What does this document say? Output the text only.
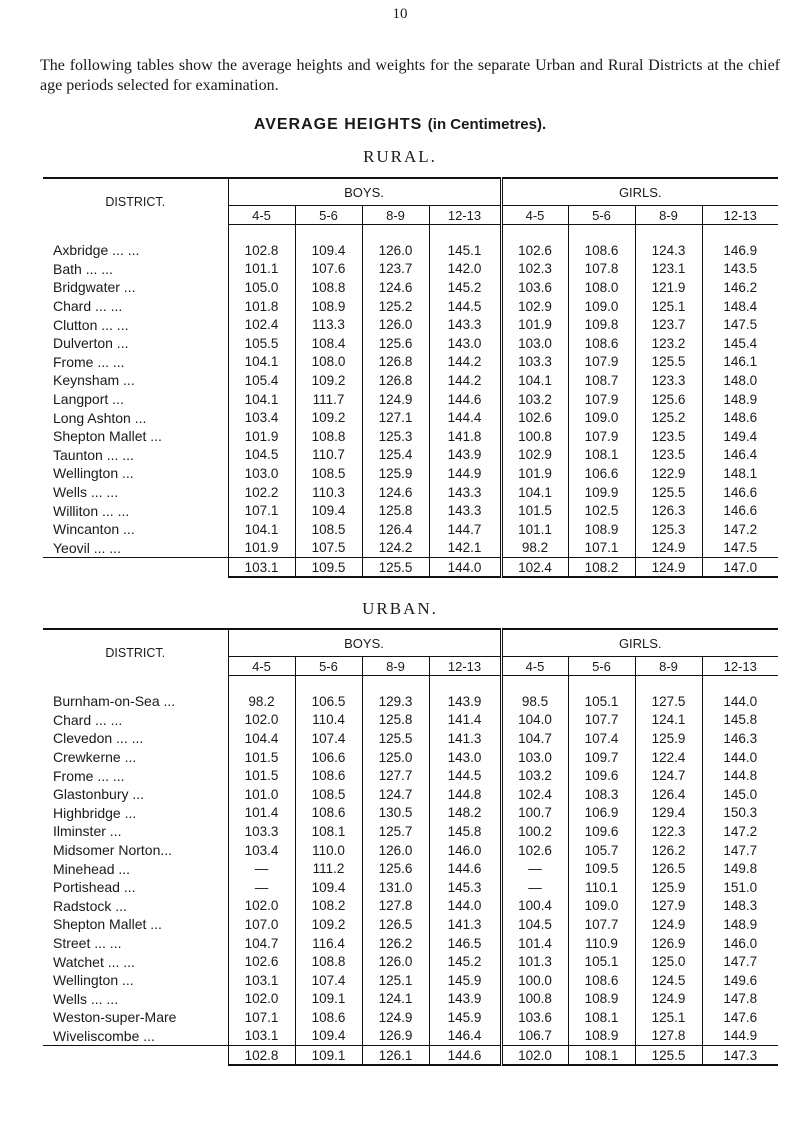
10
The following tables show the average heights and weights for the separate Urban and Rural Districts at the chief age periods selected for examination.
AVERAGE HEIGHTS (in Centimetres).
RURAL.
DISTRICT.	BOYS.				GIRLS.			
	4-5	5-6	8-9	12-13	4-5	5-6	8-9	12-13

Axbridge ... ...	102.8	109.4	126.0	145.1	102.6	108.6	124.3	146.9
Bath ... ...	101.1	107.6	123.7	142.0	102.3	107.8	123.1	143.5
Bridgwater ...	105.0	108.8	124.6	145.2	103.6	108.0	121.9	146.2
Chard ... ...	101.8	108.9	125.2	144.5	102.9	109.0	125.1	148.4
Clutton ... ...	102.4	113.3	126.0	143.3	101.9	109.8	123.7	147.5
Dulverton ...	105.5	108.4	125.6	143.0	103.0	108.6	123.2	145.4
Frome ... ...	104.1	108.0	126.8	144.2	103.3	107.9	125.5	146.1
Keynsham ...	105.4	109.2	126.8	144.2	104.1	108.7	123.3	148.0
Langport ...	104.1	111.7	124.9	144.6	103.2	107.9	125.6	148.9
Long Ashton ...	103.4	109.2	127.1	144.4	102.6	109.0	125.2	148.6
Shepton Mallet ...	101.9	108.8	125.3	141.8	100.8	107.9	123.5	149.4
Taunton ... ...	104.5	110.7	125.4	143.9	102.9	108.1	123.5	146.4
Wellington ...	103.0	108.5	125.9	144.9	101.9	106.6	122.9	148.1
Wells ... ...	102.2	110.3	124.6	143.3	104.1	109.9	125.5	146.6
Williton ... ...	107.1	109.4	125.8	143.3	101.5	102.5	126.3	146.6
Wincanton ...	104.1	108.5	126.4	144.7	101.1	108.9	125.3	147.2
Yeovil ... ...	101.9	107.5	124.2	142.1	98.2	107.1	124.9	147.5
	103.1	109.5	125.5	144.0	102.4	108.2	124.9	147.0
URBAN.
DISTRICT.	BOYS.				GIRLS.			
	4-5	5-6	8-9	12-13	4-5	5-6	8-9	12-13

Burnham-on-Sea ...	98.2	106.5	129.3	143.9	98.5	105.1	127.5	144.0
Chard ... ...	102.0	110.4	125.8	141.4	104.0	107.7	124.1	145.8
Clevedon ... ...	104.4	107.4	125.5	141.3	104.7	107.4	125.9	146.3
Crewkerne ...	101.5	106.6	125.0	143.0	103.0	109.7	122.4	144.0
Frome ... ...	101.5	108.6	127.7	144.5	103.2	109.6	124.7	144.8
Glastonbury ...	101.0	108.5	124.7	144.8	102.4	108.3	126.4	145.0
Highbridge ...	101.4	108.6	130.5	148.2	100.7	106.9	129.4	150.3
Ilminster ...	103.3	108.1	125.7	145.8	100.2	109.6	122.3	147.2
Midsomer Norton...	103.4	110.0	126.0	146.0	102.6	105.7	126.2	147.7
Minehead ...	—	111.2	125.6	144.6	—	109.5	126.5	149.8
Portishead ...	—	109.4	131.0	145.3	—	110.1	125.9	151.0
Radstock ...	102.0	108.2	127.8	144.0	100.4	109.0	127.9	148.3
Shepton Mallet ...	107.0	109.2	126.5	141.3	104.5	107.7	124.9	148.9
Street ... ...	104.7	116.4	126.2	146.5	101.4	110.9	126.9	146.0
Watchet ... ...	102.6	108.8	126.0	145.2	101.3	105.1	125.0	147.7
Wellington ...	103.1	107.4	125.1	145.9	100.0	108.6	124.5	149.6
Wells ... ...	102.0	109.1	124.1	143.9	100.8	108.9	124.9	147.8
Weston-super-Mare	107.1	108.6	124.9	145.9	103.6	108.1	125.1	147.6
Wiveliscombe ...	103.1	109.4	126.9	146.4	106.7	108.9	127.8	144.9
	102.8	109.1	126.1	144.6	102.0	108.1	125.5	147.3
